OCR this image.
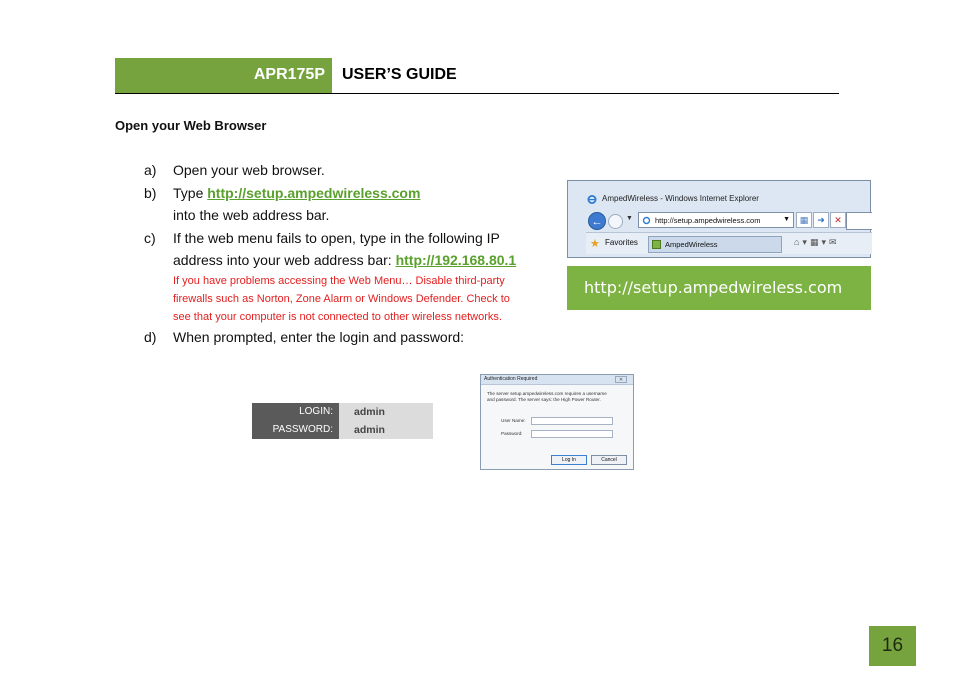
APR175P USER’S GUIDE
Open your Web Browser
a) Open your web browser.
b) Type http://setup.ampedwireless.com
into the web address bar.
c) If the web menu fails to open, type in the following IP
address into your web address bar: http://192.168.80.1
If you have problems accessing the Web Menu… Disable third-party
firewalls such as Norton, Zone Alarm or Windows Defender. Check to
see that your computer is not connected to other wireless networks.
d) When prompted, enter the login and password:
AmpedWireless - Windows Internet Explorer
←	▼	http://setup.ampedwireless.com	▼	▦ ➜	✕
★ Favorites	AmpedWireless	⌂▾▦▾✉
http://setup.ampedwireless.com
LOGIN:	admin
PASSWORD:	admin
Authentication Required	✕
The server setup.ampedwireless.com requires a username
and password. The server says: the High Power Router.
User Name:
Password:
Log In	Cancel
16
